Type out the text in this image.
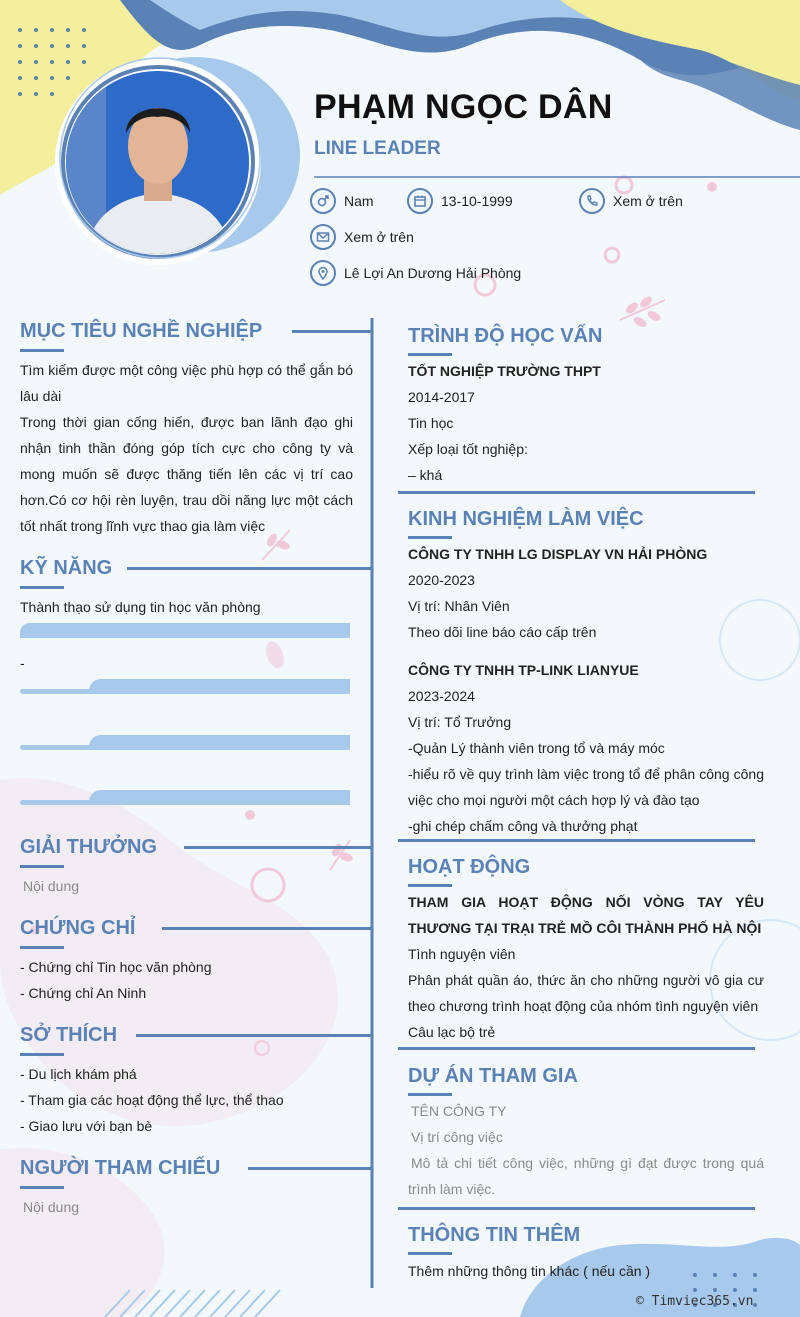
PHẠM NGỌC DÂN
LINE LEADER
Nam	13-10-1999	Xem ở trên
Xem ở trên
Lê Lợi An Dương Hải Phòng
MỤC TIÊU NGHỀ NGHIỆP
Tìm kiếm được một công việc phù hợp có thể gắn bó lâu dài
Trong thời gian cống hiến, được ban lãnh đạo ghi nhận tinh thần đóng góp tích cực cho công ty và mong muốn sẽ được thăng tiến lên các vị trí cao hơn.Có cơ hội rèn luyện, trau dồi năng lực một cách tốt nhất trong lĩnh vực thao gia làm việc
KỸ NĂNG
Thành thạo sử dụng tin học văn phòng
-
GIẢI THƯỞNG
Nội dung
CHỨNG CHỈ
- Chứng chỉ Tin học văn phòng
- Chứng chỉ An Ninh
SỞ THÍCH
- Du lịch khám phá
- Tham gia các hoạt động thể lực, thể thao
- Giao lưu với bạn bè
NGƯỜI THAM CHIẾU
Nội dung
TRÌNH ĐỘ HỌC VẤN
TỐT NGHIỆP TRƯỜNG THPT
2014-2017
Tin học
Xếp loại tốt nghiệp:
– khá
KINH NGHIỆM LÀM VIỆC
CÔNG TY TNHH LG DISPLAY VN HẢI PHÒNG
2020-2023
Vị trí: Nhân Viên
Theo dõi line báo cáo cấp trên
CÔNG TY TNHH TP-LINK LIANYUE
2023-2024
Vị trí: Tổ Trưởng
-Quản Lý thành viên trong tổ và máy móc
-hiểu rõ về quy trình làm việc trong tổ để phân công công việc cho mọi người một cách hợp lý và đào tạo
-ghi chép chấm công và thưởng phạt
HOẠT ĐỘNG
THAM GIA HOẠT ĐỘNG NỐI VÒNG TAY YÊU THƯƠNG TẠI TRẠI TRẺ MỒ CÔI THÀNH PHỐ HÀ NỘI
Tình nguyện viên
Phân phát quần áo, thức ăn cho những người vô gia cư theo chương trình hoạt động của nhóm tình nguyện viên
Câu lạc bộ trẻ
DỰ ÁN THAM GIA
TÊN CÔNG TY
Vị trí công việc
Mô tả chi tiết công việc, những gì đạt được trong quá trình làm việc.
THÔNG TIN THÊM
Thêm những thông tin khác ( nếu cần )
© Timviec365.vn
